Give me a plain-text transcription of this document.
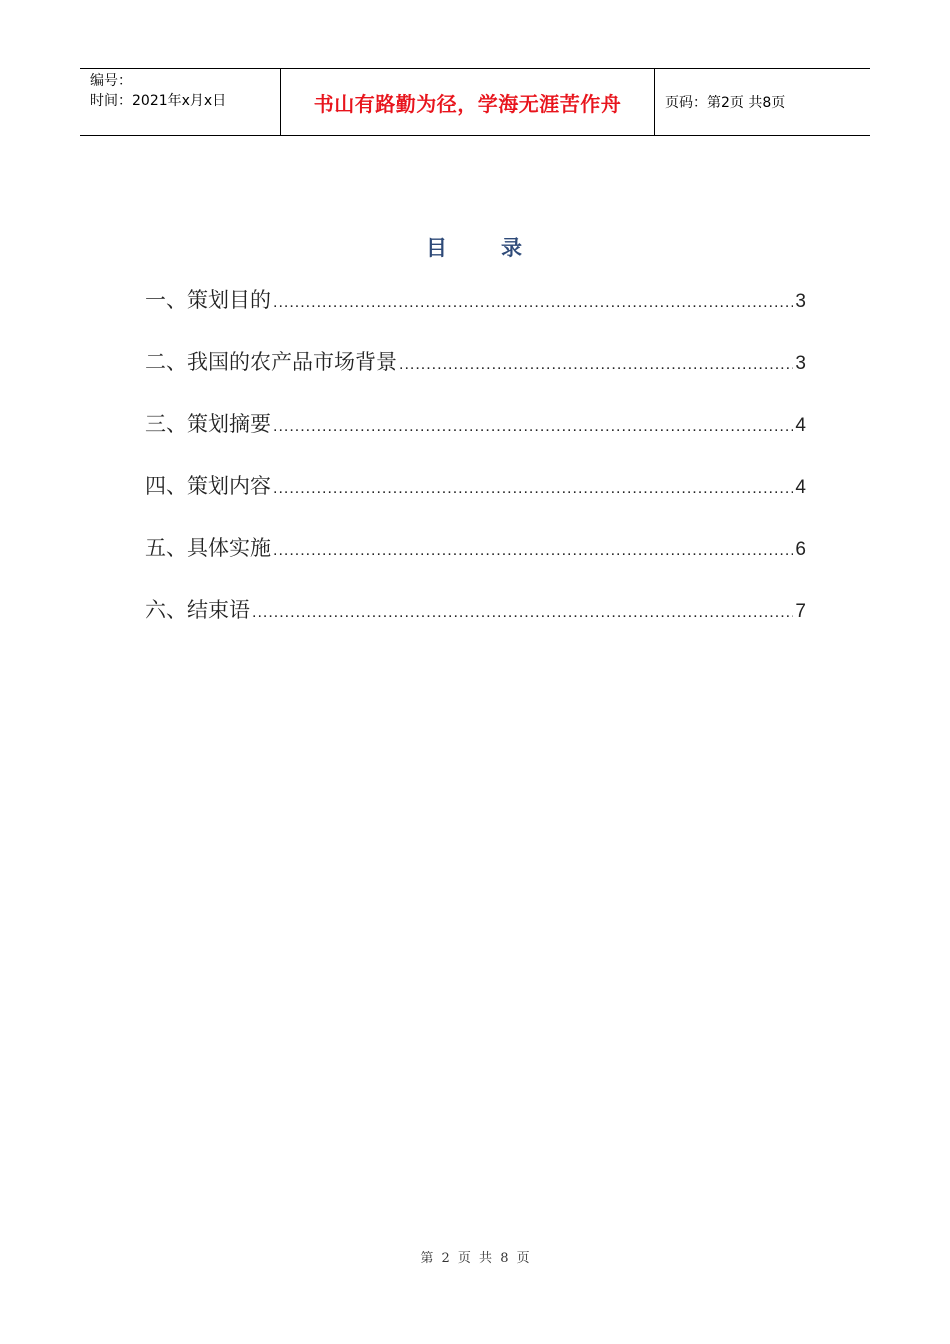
编号：
时间：2021年x月x日	书山有路勤为径，学海无涯苦作舟	页码：第2页 共8页
目 录
一、策划目的 .....	3
二、我国的农产品市场背景 .....	3
三、策划摘要 .....	4
四、策划内容 .....	4
五、具体实施 .....	6
六、结束语 .....	7
第 2 页 共 8 页
